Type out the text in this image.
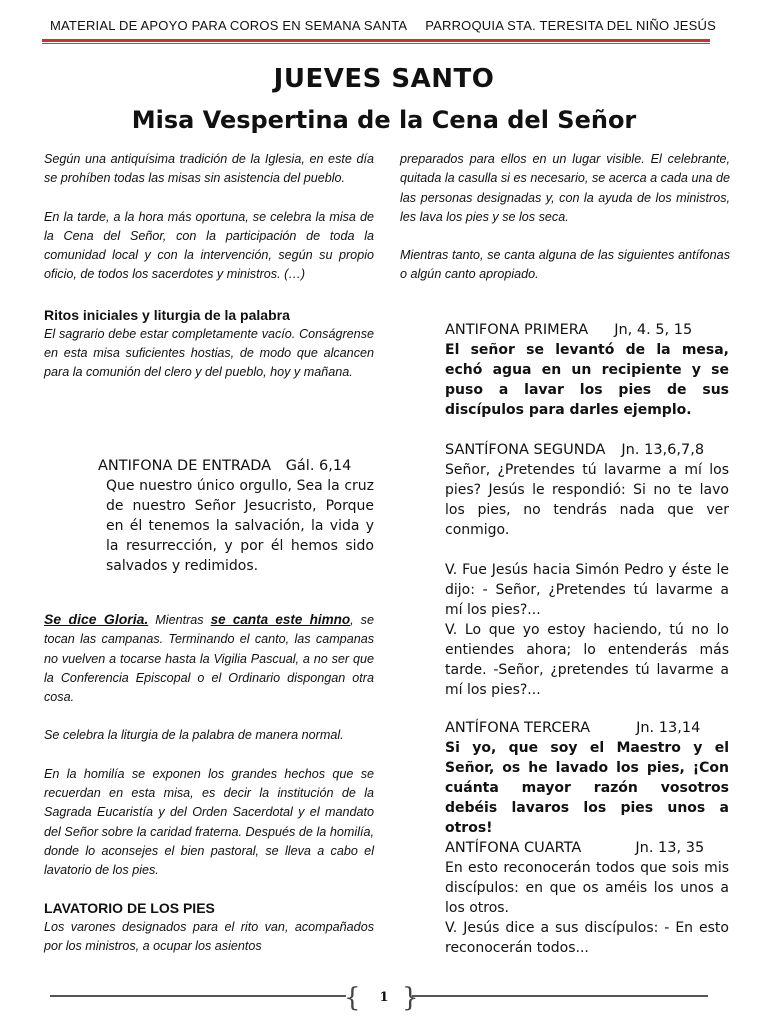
MATERIAL DE APOYO PARA COROS EN SEMANA SANTA PARROQUIA STA. TERESITA DEL NIÑO JESÚS
JUEVES SANTO
Misa Vespertina de la Cena del Señor

Según una antiquísima tradición de la Iglesia, en este día se prohíben todas las misas sin asistencia del pueblo.

En la tarde, a la hora más oportuna, se celebra la misa de la Cena del Señor, con la participación de toda la comunidad local y con la intervención, según su propio oficio, de todos los sacerdotes y ministros. (…)

Ritos iniciales y liturgia de la palabra

El sagrario debe estar completamente vacío. Conságrense en esta misa suficientes hostias, de modo que alcancen para la comunión del clero y del pueblo, hoy y mañana.

ANTIFONA DE ENTRADA Gál. 6,14

Que nuestro único orgullo, Sea la cruz de nuestro Señor Jesucristo, Porque en él tenemos la salvación, la vida y la resurrección, y por él hemos sido salvados y redimidos.

Se dice Gloria. Mientras se canta este himno, se tocan las campanas. Terminando el canto, las campanas no vuelven a tocarse hasta la Vigilia Pascual, a no ser que la Conferencia Episcopal o el Ordinario dispongan otra cosa.

Se celebra la liturgia de la palabra de manera normal.

En la homilía se exponen los grandes hechos que se recuerdan en esta misa, es decir la institución de la Sagrada Eucaristía y del Orden Sacerdotal y el mandato del Señor sobre la caridad fraterna. Después de la homilía, donde lo aconsejes el bien pastoral, se lleva a cabo el lavatorio de los pies.

LAVATORIO DE LOS PIES

Los varones designados para el rito van, acompañados por los ministros, a ocupar los asientos

preparados para ellos en un lugar visible. El celebrante, quitada la casulla si es necesario, se acerca a cada una de las personas designadas y, con la ayuda de los ministros, les lava los pies y se los seca.

Mientras tanto, se canta alguna de las siguientes antífonas o algún canto apropiado.

ANTIFONA PRIMERA Jn, 4. 5, 15

El señor se levantó de la mesa, echó agua en un recipiente y se puso a lavar los pies de sus discípulos para darles ejemplo.

SANTÍFONA SEGUNDA Jn. 13,6,7,8

Señor, ¿Pretendes tú lavarme a mí los pies? Jesús le respondió: Si no te lavo los pies, no tendrás nada que ver conmigo.

V. Fue Jesús hacia Simón Pedro y éste le dijo: - Señor, ¿Pretendes tú lavarme a mí los pies?...

V. Lo que yo estoy haciendo, tú no lo entiendes ahora; lo entenderás más tarde. -Señor, ¿pretendes tú lavarme a mí los pies?...

ANTÍFONA TERCERA	Jn. 13,14

Si yo, que soy el Maestro y el Señor, os he lavado los pies, ¡Con cuánta mayor razón vosotros debéis lavaros los pies unos a otros!

ANTÍFONA CUARTA	Jn. 13, 35

En esto reconocerán todos que sois mis discípulos: en que os améis los unos a los otros.

V. Jesús dice a sus discípulos: - En esto reconocerán todos...

{ }
1
